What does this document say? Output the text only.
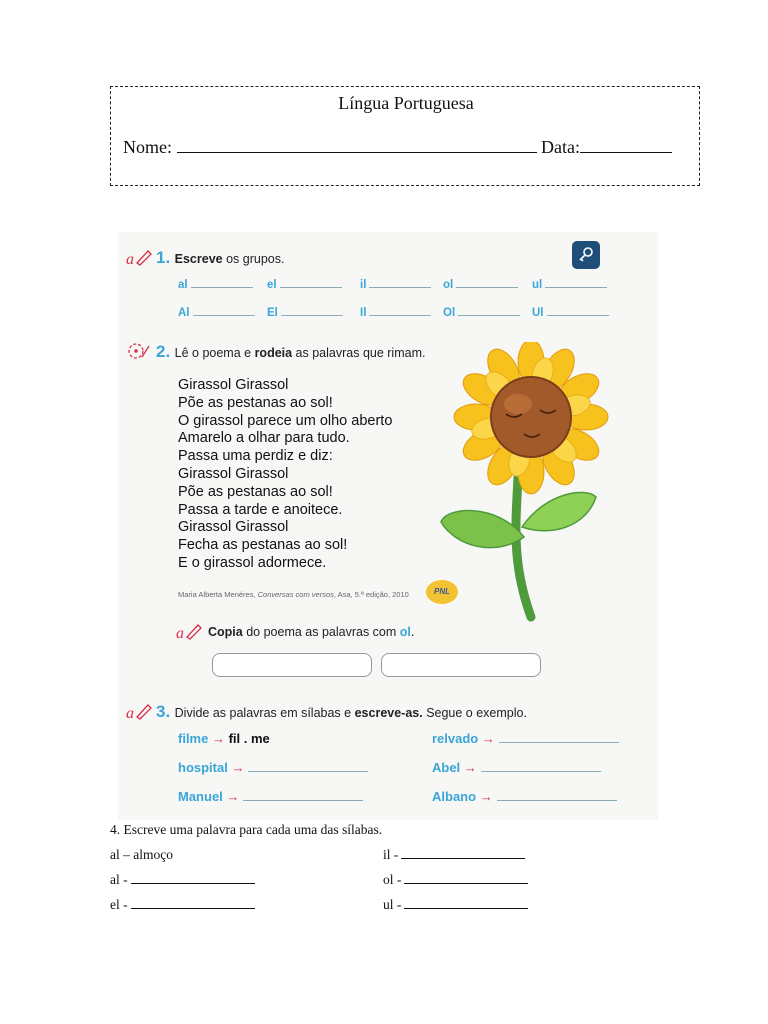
Língua Portuguesa
Nome:	Data:
a 1. Escreve os grupos.
al	el	il	ol	ul
Al	El	Il	Ol	Ul
2. Lê o poema e rodeia as palavras que rimam.
Girassol Girassol
Põe as pestanas ao sol!
O girassol parece um olho aberto
Amarelo a olhar para tudo.
Passa uma perdiz e diz:
Girassol Girassol
Põe as pestanas ao sol!
Passa a tarde e anoitece.
Girassol Girassol
Fecha as pestanas ao sol!
E o girassol adormece.
Maria Alberta Menéres, Conversas com versos, Asa, 5.ª edição, 2010	PNL
a Copia do poema as palavras com ol.
a 3. Divide as palavras em sílabas e escreve-as. Segue o exemplo.
filme → fil . me
hospital →
Manuel →
relvado →
Abel →
Albano →
4. Escreve uma palavra para cada uma das sílabas.
al – almoço
al -
el -
il -
ol -
ul -
